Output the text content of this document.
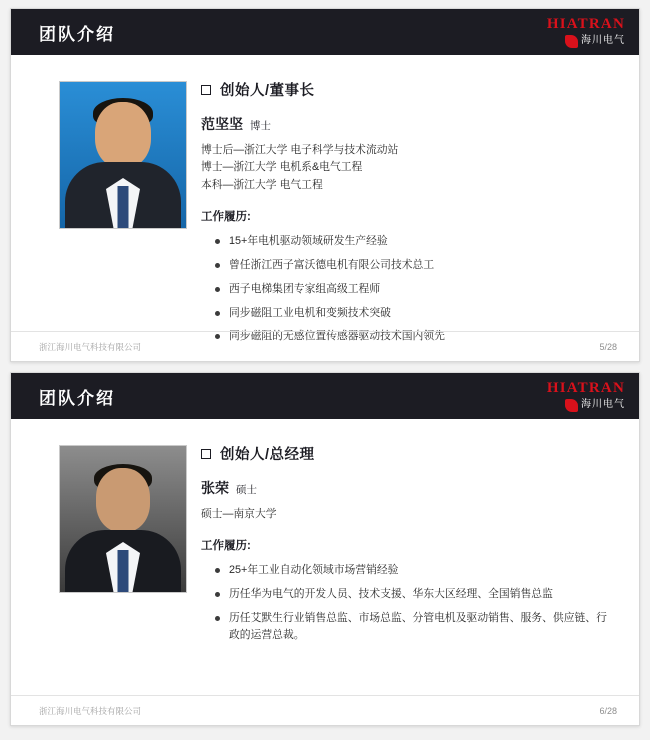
团队介绍
HIATRAN
海川电气
创始人/董事长
范坚坚 博士
博士后—浙江大学 电子科学与技术流动站
博士—浙江大学 电机系&电气工程
本科—浙江大学 电气工程
工作履历:
15+年电机驱动领域研发生产经验
曾任浙江西子富沃德电机有限公司技术总工
西子电梯集团专家组高级工程师
同步磁阻工业电机和变频技术突破
同步磁阻的无感位置传感器驱动技术国内领先
浙江海川电气科技有限公司	5/28
团队介绍
HIATRAN
海川电气
创始人/总经理
张荣 硕士
硕士—南京大学
工作履历:
25+年工业自动化领域市场营销经验
历任华为电气的开发人员、技术支援、华东大区经理、全国销售总监
历任艾默生行业销售总监、市场总监、分管电机及驱动销售、服务、供应链、行政的运营总裁。
浙江海川电气科技有限公司	6/28
